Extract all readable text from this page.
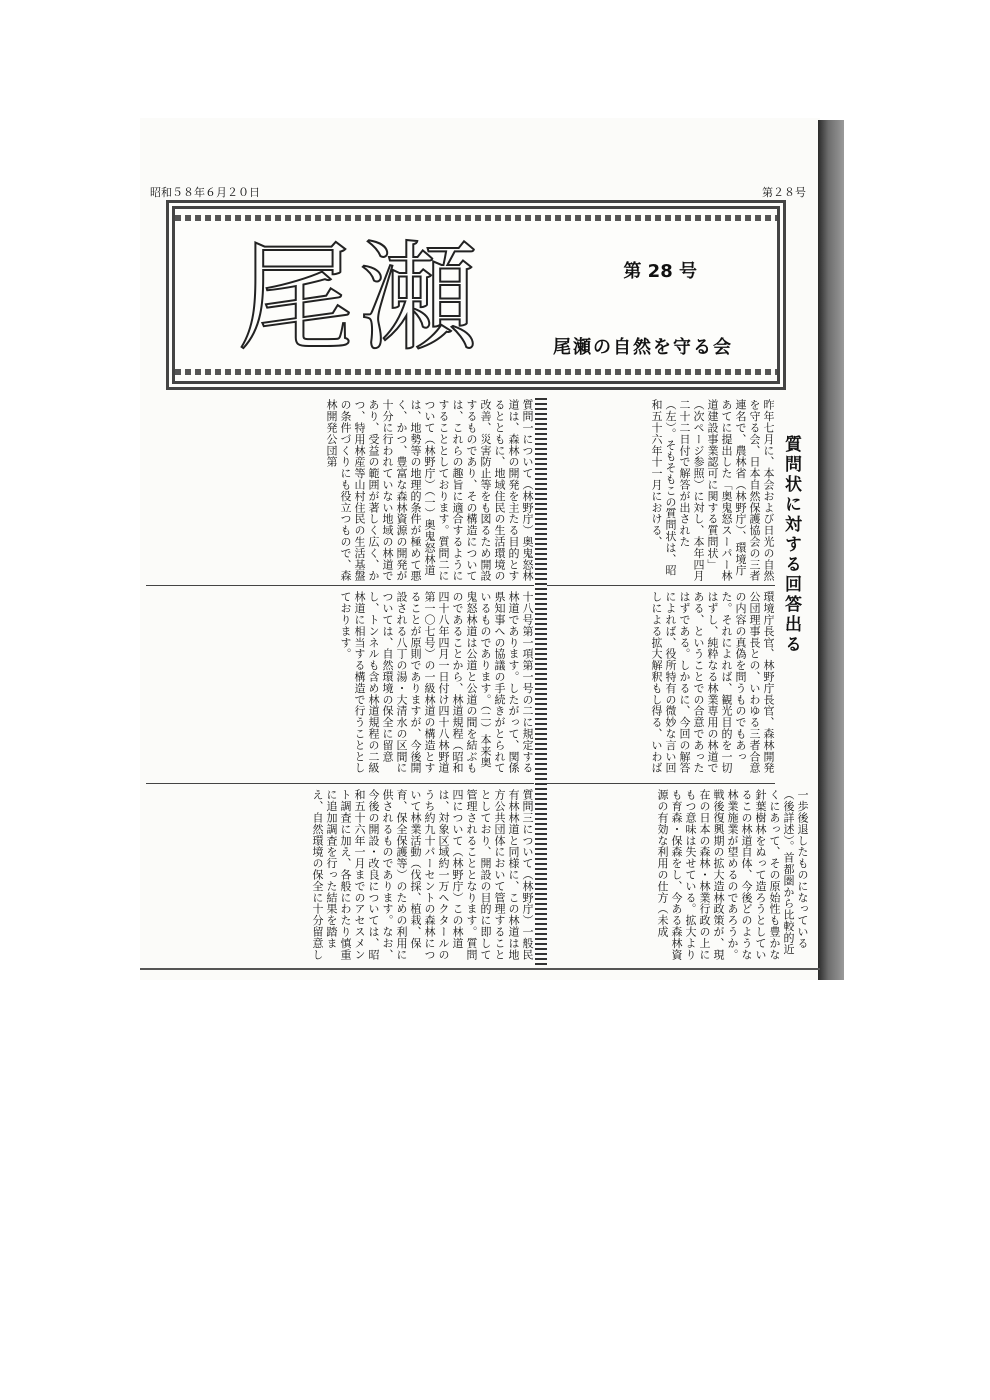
昭和５８年６月２０日	第２８号
尾瀬	第 28 号
尾瀬の自然を守る会
昨年七月に、本会および日光の自然を守る会、日本自然保護協会の三者連名で、農林省（林野庁）、環境庁あてに提出した「奥鬼怒スーパー林道建設事業認可に関する質問状」（次ページ参照）に対し、本年四月二十二日付で解答が出された（左）。そもそもこの質問状は、昭和五十六年十一月における、
環境庁長官、林野庁長官、森林開発公団理事長との、いわゆる三者合意の内容の真偽を問うものでもあった。それによれば、観光目的を一切はずし、純粋なる林業専用の林道である、ということでの合意であったはずである。しかるに、今回の解答によれば、役所特有の微妙な言い回しによる拡大解釈もし得る、いわば
一歩後退したものになっている（後詳述）。首都圏から比較的近くにあって、その原始性も豊かな針葉樹林をぬって造ろうとしているこの林道自体、今後どのような林業施業が望めるのであろうか。戦後復興期の拡大造林政策が、現在の日本の森林・林業行政の上にもつ意味は失せている。拡大よりも育森・保森をし、今ある森林資源の有効な利用の仕方（未成
質問状に対する回答出る
質問一について（林野庁）奥鬼怒林道は、森林の開発を主たる目的とするとともに、地域住民の生活環境の改善、災害防止等をも図るため開設するものであり、その構造については、これらの趣旨に適合するようにすることとしております。質問二について（林野庁）（一）奥鬼怒林道は、地勢等の地理的条件が極めて悪く、かつ、豊富な森林資源の開発が十分に行われていない地域の林道であり、受益の範囲が著しく広く、かつ、特用林産等山村住民の生活基盤の条件づくりにも役立つもので、森林開発公団第
十八号第一項第一号の二に規定する林道であります。したがって、関係県知事への協議の手続きがとられているものであります。（二）本来奥鬼怒林道は公道と公道の間を結ぶものであることから、林道規程（昭和四十八年四月一日付け四十八林野道第一〇七号）の一級林道の構造とすることが原則でありますが、今後開設される八丁の湯・大清水の区間については、自然環境の保全に留意し、トンネルも含め林道規程の二級林道に相当する構造で行うこととしております。
質問三について（林野庁）一般民有林林道と同様に、この林道は地方公共団体において管理することとしており、開設の目的に即して管理されることとなります。質問四について（林野庁）この林道は、対象区域約一万ヘクタールのうち約九十パーセントの森林について林業活動（伐採、植栽、保育、保全保護等）のための利用に供されるものであります。なお、今後の開設・改良については、昭和五十六年一月までのアセスメント調査に加え、各般にわたり慎重に追加調査を行った結果を踏まえ、自然環境の保全に十分留意し
